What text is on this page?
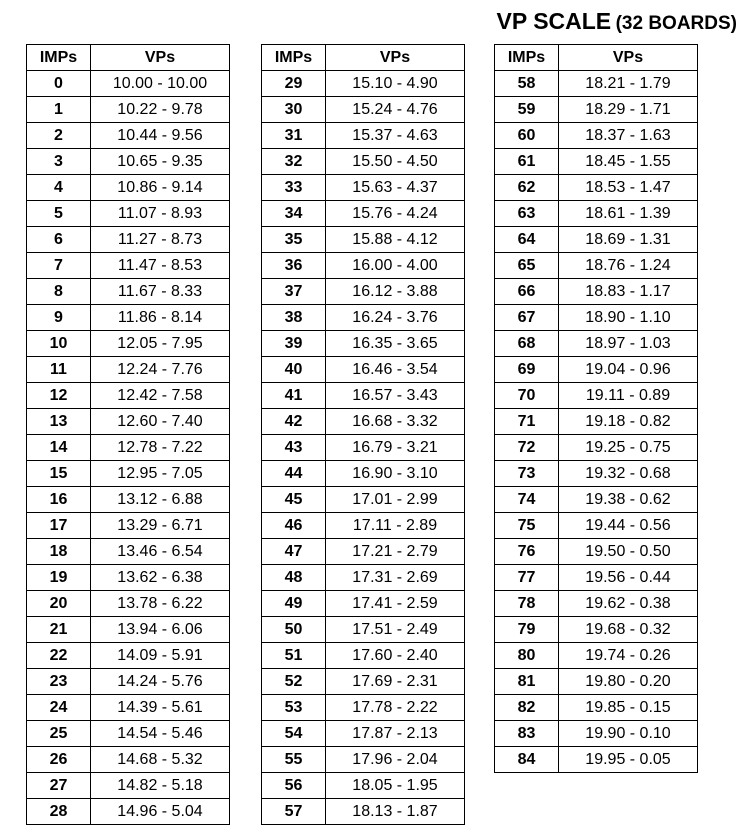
VP SCALE (32 BOARDS)
IMPs	VPs
0	10.00 - 10.00
1	10.22 - 9.78
2	10.44 - 9.56
3	10.65 - 9.35
4	10.86 - 9.14
5	11.07 - 8.93
6	11.27 - 8.73
7	11.47 - 8.53
8	11.67 - 8.33
9	11.86 - 8.14
10	12.05 - 7.95
11	12.24 - 7.76
12	12.42 - 7.58
13	12.60 - 7.40
14	12.78 - 7.22
15	12.95 - 7.05
16	13.12 - 6.88
17	13.29 - 6.71
18	13.46 - 6.54
19	13.62 - 6.38
20	13.78 - 6.22
21	13.94 - 6.06
22	14.09 - 5.91
23	14.24 - 5.76
24	14.39 - 5.61
25	14.54 - 5.46
26	14.68 - 5.32
27	14.82 - 5.18
28	14.96 - 5.04
IMPs	VPs
29	15.10 - 4.90
30	15.24 - 4.76
31	15.37 - 4.63
32	15.50 - 4.50
33	15.63 - 4.37
34	15.76 - 4.24
35	15.88 - 4.12
36	16.00 - 4.00
37	16.12 - 3.88
38	16.24 - 3.76
39	16.35 - 3.65
40	16.46 - 3.54
41	16.57 - 3.43
42	16.68 - 3.32
43	16.79 - 3.21
44	16.90 - 3.10
45	17.01 - 2.99
46	17.11 - 2.89
47	17.21 - 2.79
48	17.31 - 2.69
49	17.41 - 2.59
50	17.51 - 2.49
51	17.60 - 2.40
52	17.69 - 2.31
53	17.78 - 2.22
54	17.87 - 2.13
55	17.96 - 2.04
56	18.05 - 1.95
57	18.13 - 1.87
IMPs	VPs
58	18.21 - 1.79
59	18.29 - 1.71
60	18.37 - 1.63
61	18.45 - 1.55
62	18.53 - 1.47
63	18.61 - 1.39
64	18.69 - 1.31
65	18.76 - 1.24
66	18.83 - 1.17
67	18.90 - 1.10
68	18.97 - 1.03
69	19.04 - 0.96
70	19.11 - 0.89
71	19.18 - 0.82
72	19.25 - 0.75
73	19.32 - 0.68
74	19.38 - 0.62
75	19.44 - 0.56
76	19.50 - 0.50
77	19.56 - 0.44
78	19.62 - 0.38
79	19.68 - 0.32
80	19.74 - 0.26
81	19.80 - 0.20
82	19.85 - 0.15
83	19.90 - 0.10
84	19.95 - 0.05
